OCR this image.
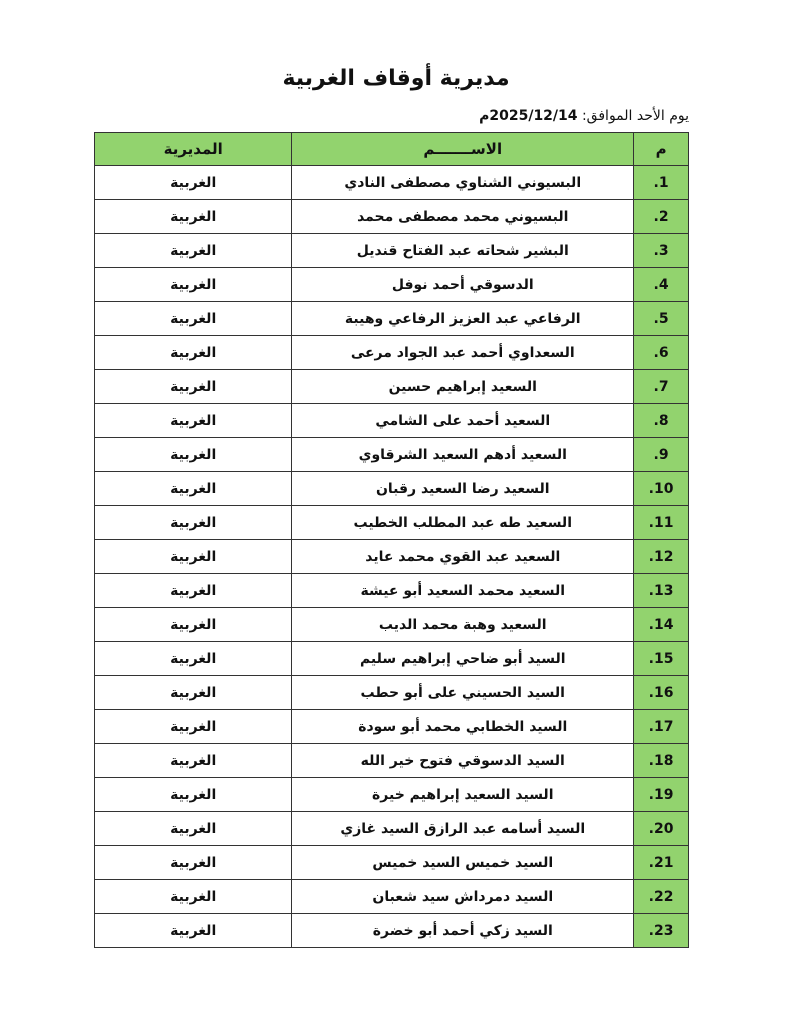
مديرية أوقاف الغربية
يوم الأحد الموافق: 2025/12/14م
م	الاســـــــم	المديرية
1.	البسيوني الشناوي مصطفى النادي	الغربية
2.	البسيوني محمد مصطفى محمد	الغربية
3.	البشير شحاته عبد الفتاح قنديل	الغربية
4.	الدسوقي أحمد نوفل	الغربية
5.	الرفاعي عبد العزيز الرفاعي وهيبة	الغربية
6.	السعداوي أحمد عبد الجواد مرعى	الغربية
7.	السعيد إبراهيم حسين	الغربية
8.	السعيد أحمد على الشامي	الغربية
9.	السعيد أدهم السعيد الشرقاوي	الغربية
10.	السعيد رضا السعيد رقبان	الغربية
11.	السعيد طه عبد المطلب الخطيب	الغربية
12.	السعيد عبد القوي محمد عايد	الغربية
13.	السعيد محمد السعيد أبو عيشة	الغربية
14.	السعيد وهبة محمد الديب	الغربية
15.	السيد أبو ضاحي إبراهيم سليم	الغربية
16.	السيد الحسيني على أبو حطب	الغربية
17.	السيد الخطابي محمد أبو سودة	الغربية
18.	السيد الدسوقي فتوح خير الله	الغربية
19.	السيد السعيد إبراهيم خيرة	الغربية
20.	السيد أسامه عبد الرازق السيد غازي	الغربية
21.	السيد خميس السيد خميس	الغربية
22.	السيد دمرداش سيد شعبان	الغربية
23.	السيد زكي أحمد أبو خضرة	الغربية
